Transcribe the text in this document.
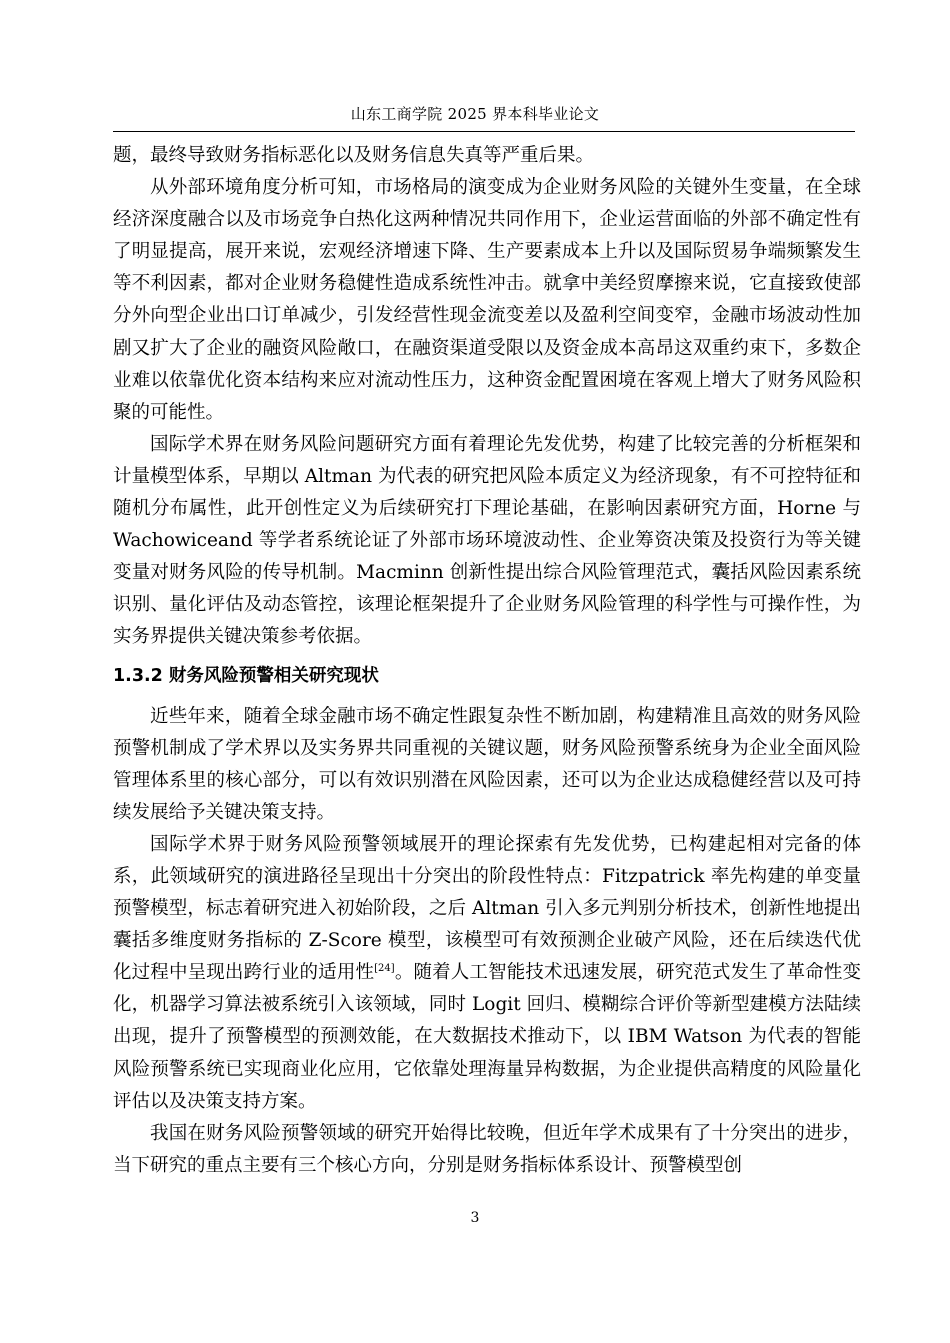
山东工商学院 2025 界本科毕业论文

题，最终导致财务指标恶化以及财务信息失真等严重后果。

从外部环境角度分析可知，市场格局的演变成为企业财务风险的关键外生变量，在全球经济深度融合以及市场竞争白热化这两种情况共同作用下，企业运营面临的外部不确定性有了明显提高，展开来说，宏观经济增速下降、生产要素成本上升以及国际贸易争端频繁发生等不利因素，都对企业财务稳健性造成系统性冲击。就拿中美经贸摩擦来说，它直接致使部分外向型企业出口订单减少，引发经营性现金流变差以及盈利空间变窄，金融市场波动性加剧又扩大了企业的融资风险敞口，在融资渠道受限以及资金成本高昂这双重约束下，多数企业难以依靠优化资本结构来应对流动性压力，这种资金配置困境在客观上增大了财务风险积聚的可能性。

国际学术界在财务风险问题研究方面有着理论先发优势，构建了比较完善的分析框架和计量模型体系，早期以 Altman 为代表的研究把风险本质定义为经济现象，有不可控特征和随机分布属性，此开创性定义为后续研究打下理论基础，在影响因素研究方面，Horne 与 Wachowiceand 等学者系统论证了外部市场环境波动性、企业筹资决策及投资行为等关键变量对财务风险的传导机制。Macminn 创新性提出综合风险管理范式，囊括风险因素系统识别、量化评估及动态管控，该理论框架提升了企业财务风险管理的科学性与可操作性，为实务界提供关键决策参考依据。

1.3.2 财务风险预警相关研究现状

近些年来，随着全球金融市场不确定性跟复杂性不断加剧，构建精准且高效的财务风险预警机制成了学术界以及实务界共同重视的关键议题，财务风险预警系统身为企业全面风险管理体系里的核心部分，可以有效识别潜在风险因素，还可以为企业达成稳健经营以及可持续发展给予关键决策支持。

国际学术界于财务风险预警领域展开的理论探索有先发优势，已构建起相对完备的体系，此领域研究的演进路径呈现出十分突出的阶段性特点：Fitzpatrick 率先构建的单变量预警模型，标志着研究进入初始阶段，之后 Altman 引入多元判别分析技术，创新性地提出囊括多维度财务指标的 Z-Score 模型，该模型可有效预测企业破产风险，还在后续迭代优化过程中呈现出跨行业的适用性[24]。随着人工智能技术迅速发展，研究范式发生了革命性变化，机器学习算法被系统引入该领域，同时 Logit 回归、模糊综合评价等新型建模方法陆续出现，提升了预警模型的预测效能，在大数据技术推动下，以 IBM Watson 为代表的智能风险预警系统已实现商业化应用，它依靠处理海量异构数据，为企业提供高精度的风险量化评估以及决策支持方案。

我国在财务风险预警领域的研究开始得比较晚，但近年学术成果有了十分突出的进步，当下研究的重点主要有三个核心方向，分别是财务指标体系设计、预警模型创

3
